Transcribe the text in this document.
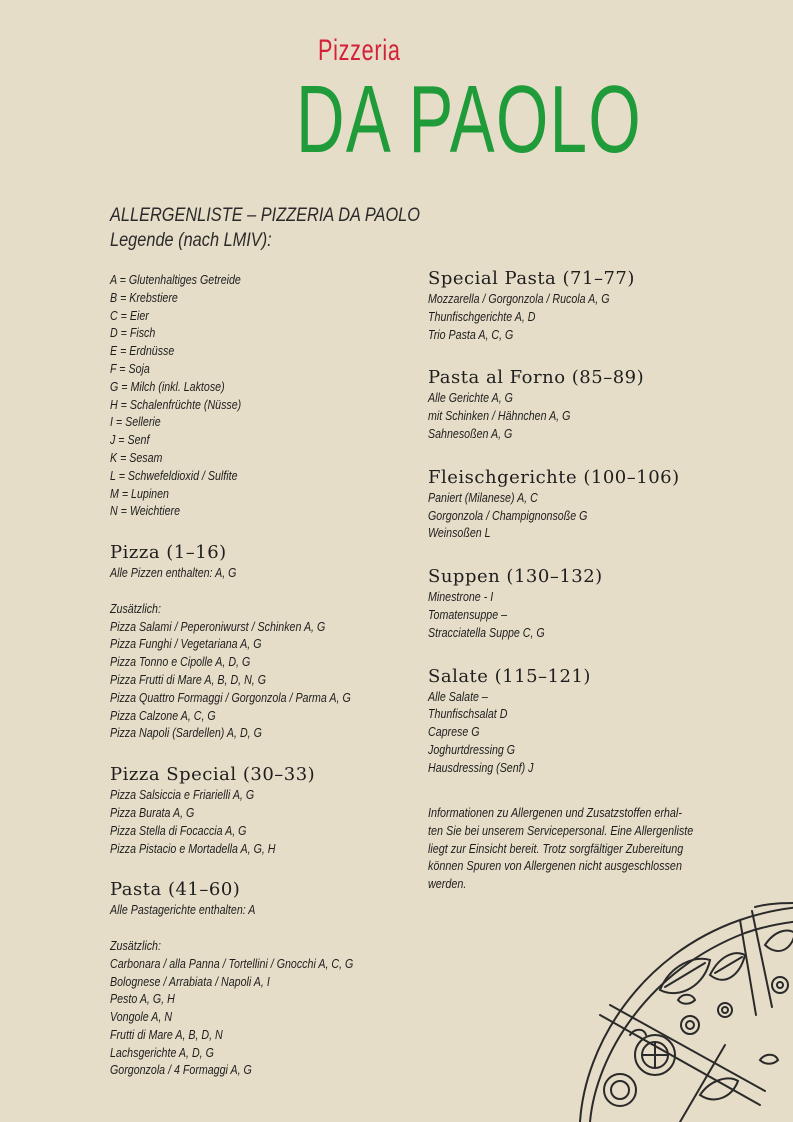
Pizzeria
DA PAOLO
ALLERGENLISTE – PIZZERIA DA PAOLO
Legende (nach LMIV):
A = Glutenhaltiges Getreide
B = Krebstiere
C = Eier
D = Fisch
E = Erdnüsse
F = Soja
G = Milch (inkl. Laktose)
H = Schalenfrüchte (Nüsse)
I = Sellerie
J = Senf
K = Sesam
L = Schwefeldioxid / Sulfite
M = Lupinen
N = Weichtiere
Pizza (1–16)
Alle Pizzen enthalten: A, G
Zusätzlich:
Pizza Salami / Peperoniwurst / Schinken A, G
Pizza Funghi / Vegetariana A, G
Pizza Tonno e Cipolle A, D, G
Pizza Frutti di Mare A, B, D, N, G
Pizza Quattro Formaggi / Gorgonzola / Parma A, G
Pizza Calzone A, C, G
Pizza Napoli (Sardellen) A, D, G
Pizza Special (30–33)
Pizza Salsiccia e Friarielli A, G
Pizza Burata A, G
Pizza Stella di Focaccia A, G
Pizza Pistacio e Mortadella A, G, H
Pasta (41–60)
Alle Pastagerichte enthalten: A
Zusätzlich:
Carbonara / alla Panna / Tortellini / Gnocchi A, C, G
Bolognese / Arrabiata / Napoli A, I
Pesto A, G, H
Vongole A, N
Frutti di Mare A, B, D, N
Lachsgerichte A, D, G
Gorgonzola / 4 Formaggi A, G
Special Pasta (71–77)
Mozzarella / Gorgonzola / Rucola A, G
Thunfischgerichte A, D
Trio Pasta A, C, G
Pasta al Forno (85–89)
Alle Gerichte A, G
mit Schinken / Hähnchen A, G
Sahnesoßen A, G
Fleischgerichte (100–106)
Paniert (Milanese) A, C
Gorgonzola / Champignonsoße G
Weinsoßen L
Suppen (130–132)
Minestrone - I
Tomatensuppe –
Stracciatella Suppe C, G
Salate (115–121)
Alle Salate –
Thunfischsalat D
Caprese G
Joghurtdressing G
Hausdressing (Senf) J
Informationen zu Allergenen und Zusatzstoffen erhal-
ten Sie bei unserem Servicepersonal. Eine Allergenliste
liegt zur Einsicht bereit. Trotz sorgfältiger Zubereitung
können Spuren von Allergenen nicht ausgeschlossen
werden.
